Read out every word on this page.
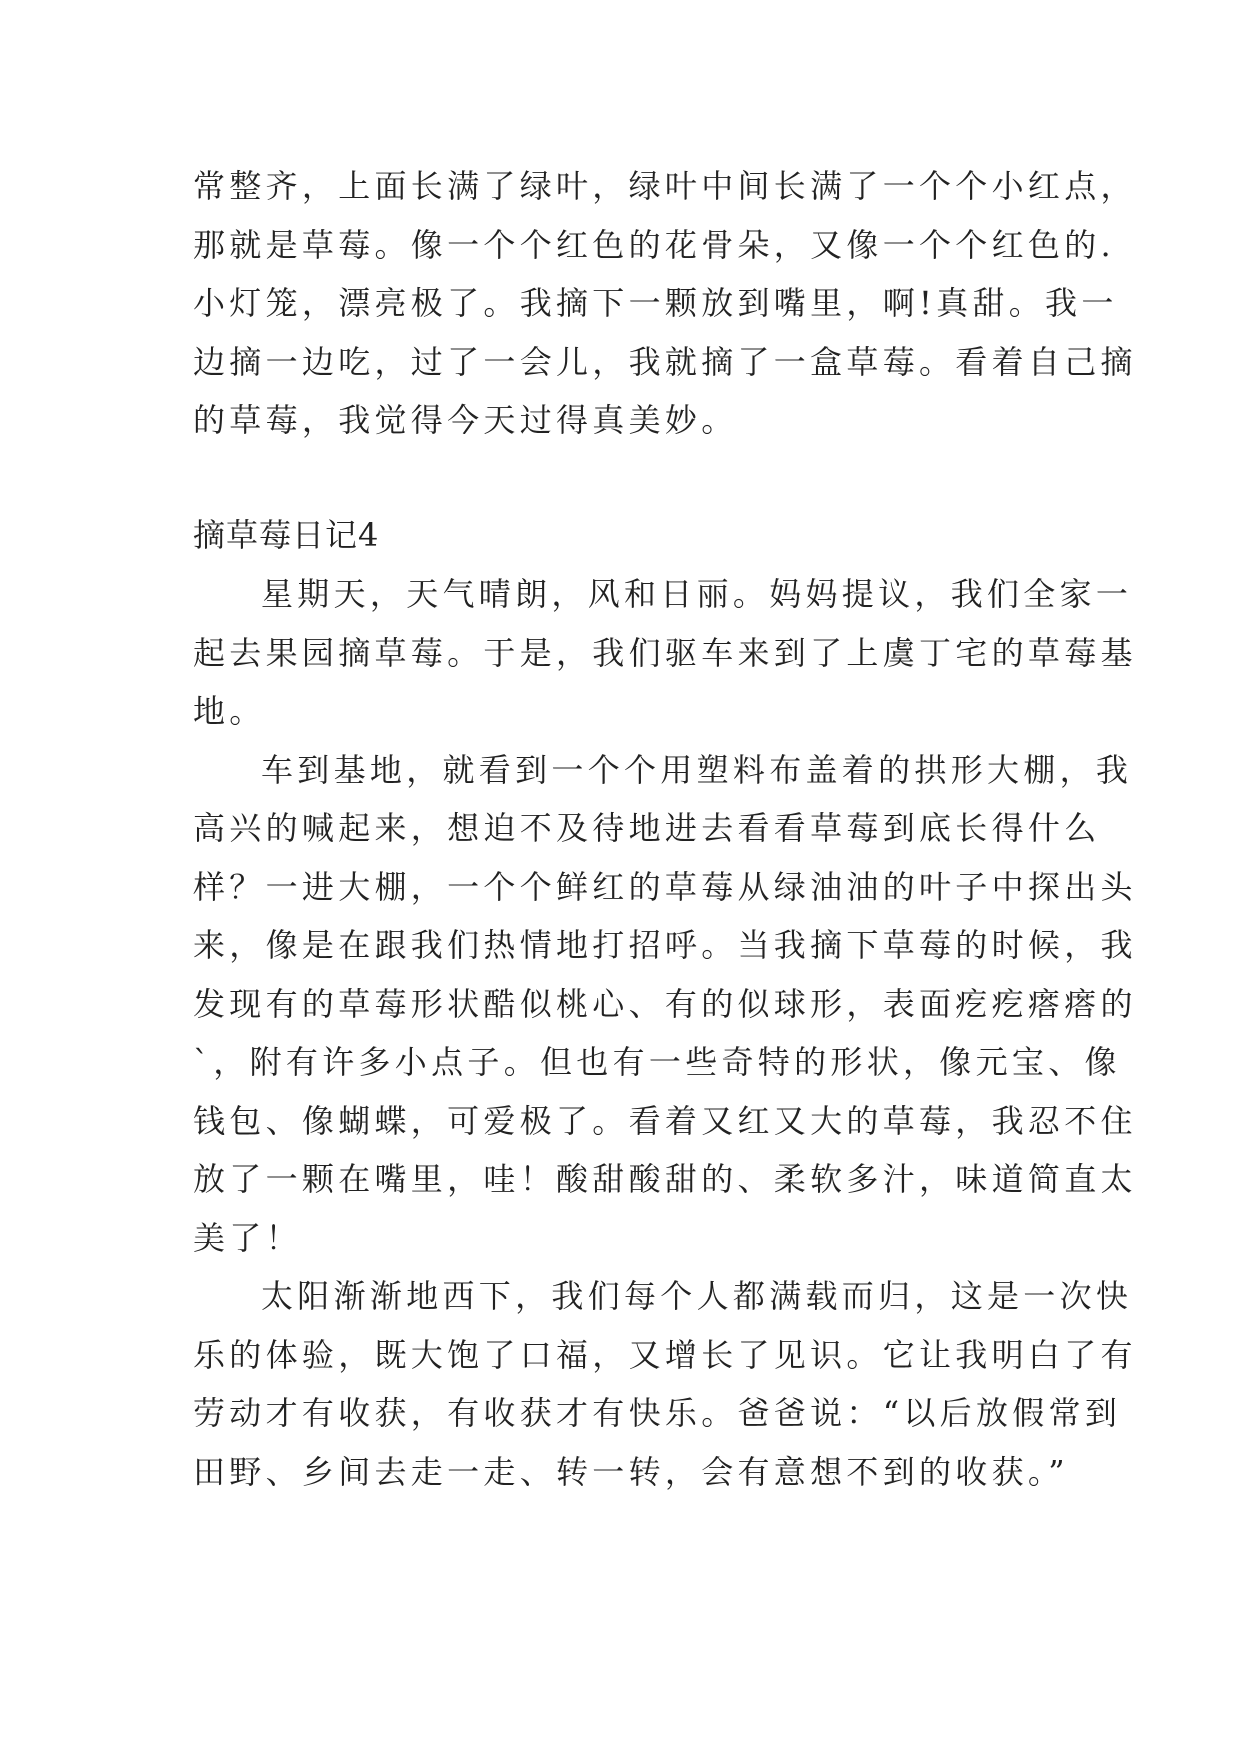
常整齐，上面长满了绿叶，绿叶中间长满了一个个小红点，
那就是草莓。像一个个红色的花骨朵，又像一个个红色的.
小灯笼，漂亮极了。我摘下一颗放到嘴里，啊!真甜。我一
边摘一边吃，过了一会儿，我就摘了一盒草莓。看着自己摘
的草莓，我觉得今天过得真美妙。
摘草莓日记4
星期天，天气晴朗，风和日丽。妈妈提议，我们全家一
起去果园摘草莓。于是，我们驱车来到了上虞丁宅的草莓基
地。
车到基地，就看到一个个用塑料布盖着的拱形大棚，我
高兴的喊起来，想迫不及待地进去看看草莓到底长得什么
样？一进大棚，一个个鲜红的草莓从绿油油的叶子中探出头
来，像是在跟我们热情地打招呼。当我摘下草莓的时候，我
发现有的草莓形状酷似桃心、有的似球形，表面疙疙瘩瘩的
`，附有许多小点子。但也有一些奇特的形状，像元宝、像
钱包、像蝴蝶，可爱极了。看着又红又大的草莓，我忍不住
放了一颗在嘴里，哇！酸甜酸甜的、柔软多汁，味道简直太
美了！
太阳渐渐地西下，我们每个人都满载而归，这是一次快
乐的体验，既大饱了口福，又增长了见识。它让我明白了有
劳动才有收获，有收获才有快乐。爸爸说：“以后放假常到
田野、乡间去走一走、转一转，会有意想不到的收获。”
